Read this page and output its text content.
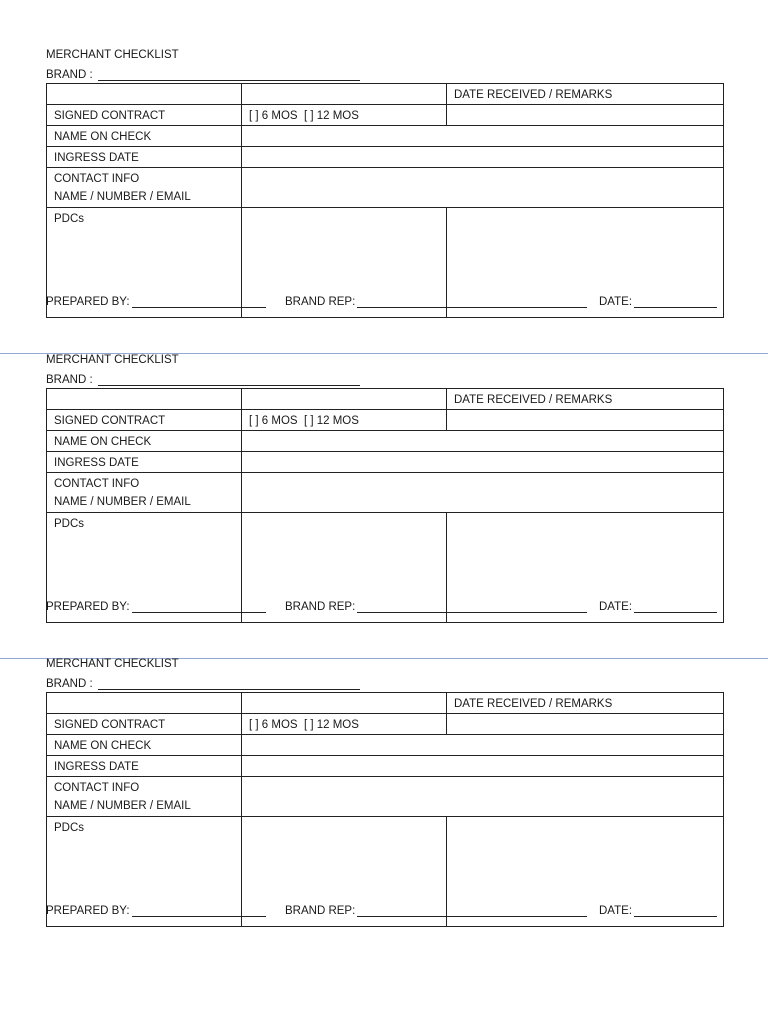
MERCHANT CHECKLIST
BRAND :
		DATE RECEIVED / REMARKS
SIGNED CONTRACT	[ ] 6 MOS  [ ] 12 MOS	
NAME ON CHECK		
INGRESS DATE		

CONTACT INFO
NAME / NUMBER / EMAIL		

PDCs		
PREPARED BY:	BRAND REP:	DATE:
MERCHANT CHECKLIST
BRAND :
		DATE RECEIVED / REMARKS
SIGNED CONTRACT	[ ] 6 MOS  [ ] 12 MOS	
NAME ON CHECK		
INGRESS DATE		

CONTACT INFO
NAME / NUMBER / EMAIL		

PDCs		
PREPARED BY:	BRAND REP:	DATE:
MERCHANT CHECKLIST
BRAND :
		DATE RECEIVED / REMARKS
SIGNED CONTRACT	[ ] 6 MOS  [ ] 12 MOS	
NAME ON CHECK		
INGRESS DATE		

CONTACT INFO
NAME / NUMBER / EMAIL		

PDCs		
PREPARED BY:	BRAND REP:	DATE:
